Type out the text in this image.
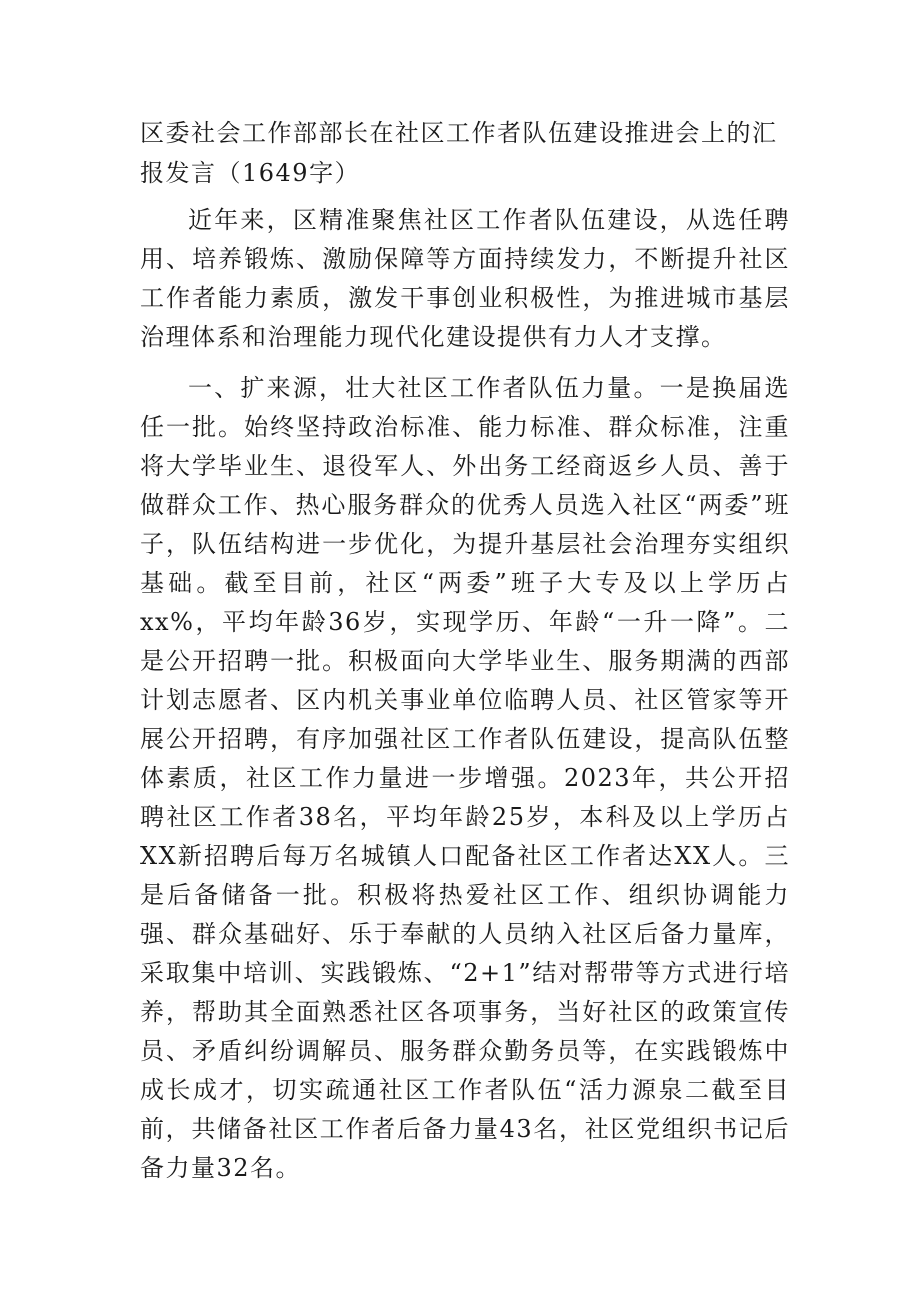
区委社会工作部部长在社区工作者队伍建设推进会上的汇报发言（1649字）

近年来，区精准聚焦社区工作者队伍建设，从选任聘用、培养锻炼、激励保障等方面持续发力，不断提升社区工作者能力素质，激发干事创业积极性，为推进城市基层治理体系和治理能力现代化建设提供有力人才支撑。

一、扩来源，壮大社区工作者队伍力量。一是换届选任一批。始终坚持政治标准、能力标准、群众标准，注重将大学毕业生、退役军人、外出务工经商返乡人员、善于做群众工作、热心服务群众的优秀人员选入社区“两委”班子，队伍结构进一步优化，为提升基层社会治理夯实组织基础。截至目前，社区“两委”班子大专及以上学历占xx%，平均年龄36岁，实现学历、年龄“一升一降”。二是公开招聘一批。积极面向大学毕业生、服务期满的西部计划志愿者、区内机关事业单位临聘人员、社区管家等开展公开招聘，有序加强社区工作者队伍建设，提高队伍整体素质，社区工作力量进一步增强。2023年，共公开招聘社区工作者38名，平均年龄25岁，本科及以上学历占XX新招聘后每万名城镇人口配备社区工作者达XX人。三是后备储备一批。积极将热爱社区工作、组织协调能力强、群众基础好、乐于奉献的人员纳入社区后备力量库，采取集中培训、实践锻炼、“2+1”结对帮带等方式进行培养，帮助其全面熟悉社区各项事务，当好社区的政策宣传员、矛盾纠纷调解员、服务群众勤务员等，在实践锻炼中成长成才，切实疏通社区工作者队伍“活力源泉二截至目前，共储备社区工作者后备力量43名，社区党组织书记后备力量32名。
